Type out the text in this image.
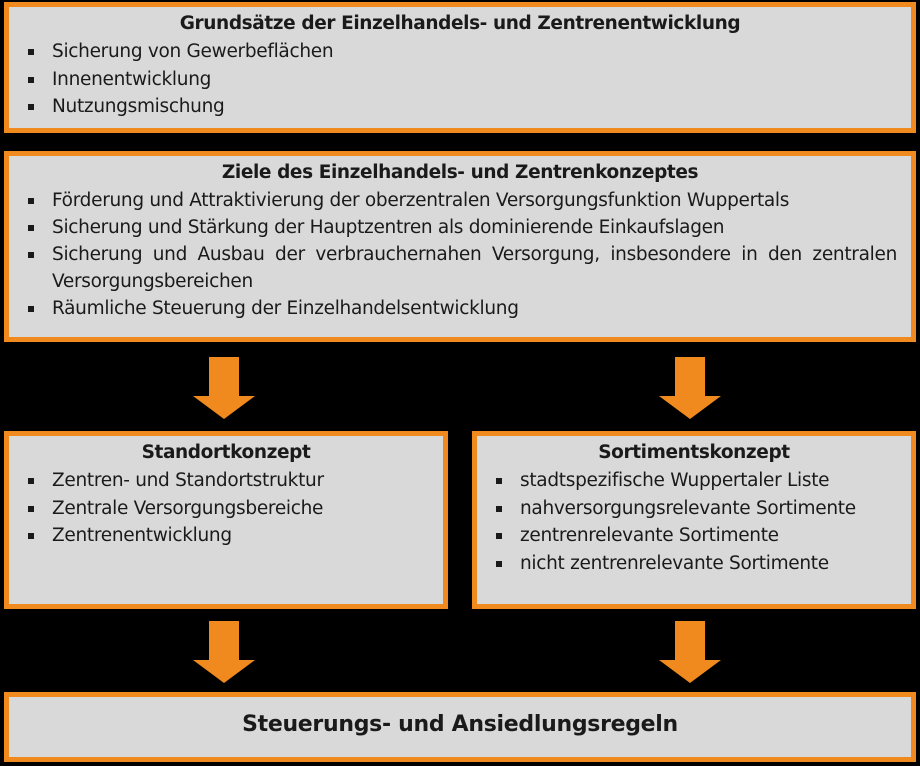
Grundsätze der Einzelhandels- und Zentrenentwicklung

Sicherung von Gewerbeflächen
Innenentwicklung
Nutzungsmischung

Ziele des Einzelhandels- und Zentrenkonzeptes

Förderung und Attraktivierung der oberzentralen Versorgungsfunktion Wuppertals
Sicherung und Stärkung der Hauptzentren als dominierende Einkaufslagen
Sicherung und Ausbau der verbrauchernahen Versorgung, insbesondere in den zentralen Versorgungsbereichen
Räumliche Steuerung der Einzelhandelsentwicklung

Standortkonzept

Zentren- und Standortstruktur
Zentrale Versorgungsbereiche
Zentrenentwicklung

Sortimentskonzept

stadtspezifische Wuppertaler Liste
nahversorgungsrelevante Sortimente
zentrenrelevante Sortimente
nicht zentrenrelevante Sortimente

Steuerungs- und Ansiedlungsregeln
